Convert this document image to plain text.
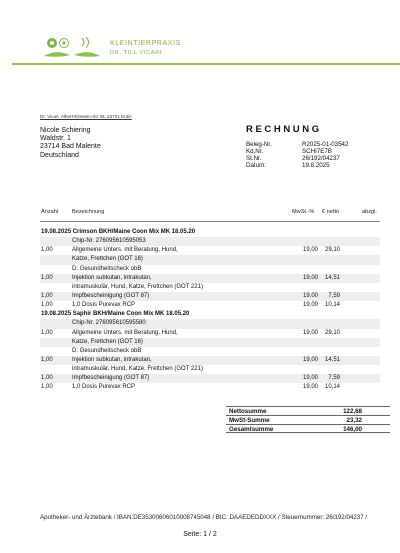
KLEINTIERPRAXIS
DR. TILL VICARI
Dr. Vicari, Albert-Einstein-Str 36, 23701 Eutin
Nicole Schiering
Waldstr. 1
23714 Bad Malente
Deutschland
RECHNUNG
Beleg-Nr.	R2025-01-03542
Kd.Nr.	SCHI7E7B
St.Nr.	26/192/04237
Datum:	19.8.2025
Anzahl Bezeichnung	MwSt.-% € netto	abzgl.
19.08.2025 Crimson BKH/Maine Coon Mix MK 18.05.20
Chip-Nr. 276095610595053
1,00	Allgemeine Unters. mit Beratung, Hund,	19,00 29,10
Katze, Frettchen (GOT 16)
D: Gesundheitscheck obB
1,00	Injektion subkutan, intrakutan,	19,00 14,51
intramuskulär, Hund, Katze, Frettchen (GOT 221)
1,00	Impfbescheinigung (GOT 87)	19,00 7,59
1,00	1,0 Dosis Purevax RCP	19,00 10,14
19.08.2025 Saphir BKH/Maine Coon Mix MK 18.05.20
Chip-Nr. 276095610595580
1,00	Allgemeine Unters. mit Beratung, Hund,	19,00 29,10
Katze, Frettchen (GOT 16)
D: Gesundheitscheck obB
1,00	Injektion subkutan, intrakutan,	19,00 14,51
intramuskulär, Hund, Katze, Frettchen (GOT 221)
1,00	Impfbescheinigung (GOT 87)	19,00 7,59
1,00	1,0 Dosis Purevax RCP	19,00 10,14
Nettosumme	122,68
MwSt-Summe	23,32
Gesamtsumme	146,00
Apotheker- und Ärztebank / IBAN:DE35300606010008745048 / BIC: DAAEDEDDXXX / Steuernummer: 26/192/04237 /
Seite: 1 / 2
